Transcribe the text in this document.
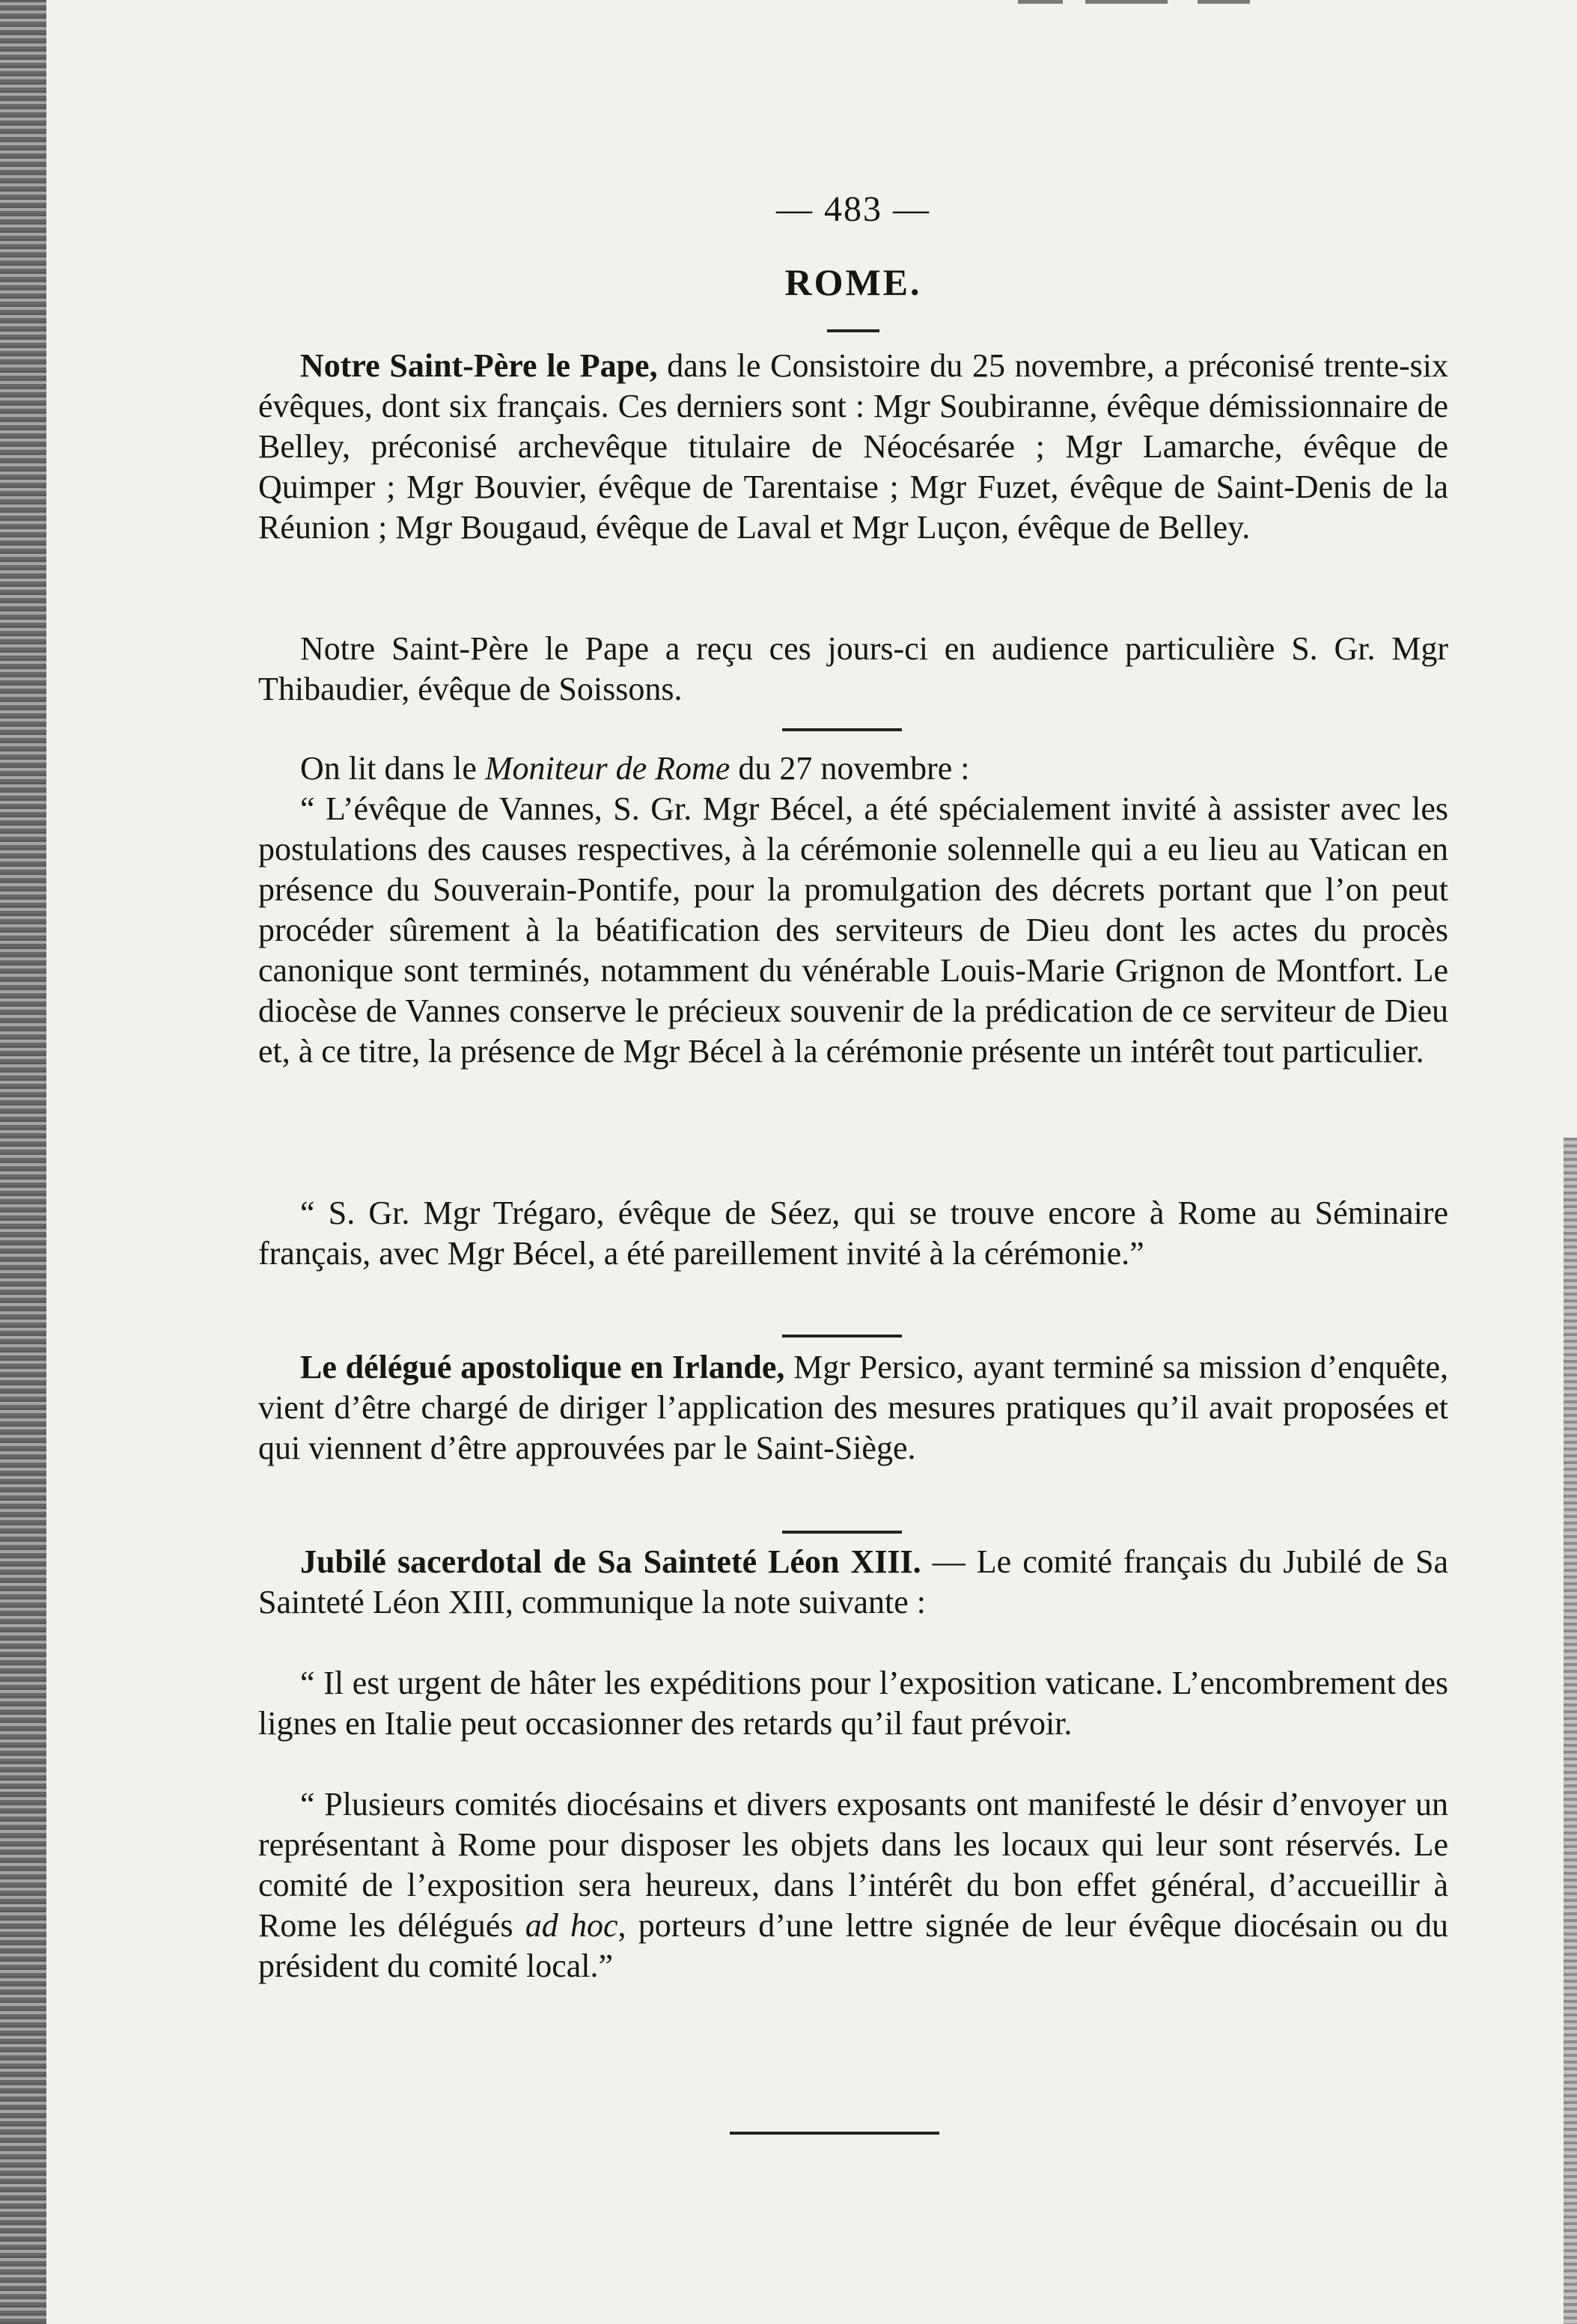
— 483 —
ROME.

Notre Saint-Père le Pape, dans le Consistoire du 25 novembre, a préconisé trente-six évêques, dont six français. Ces derniers sont : Mgr Soubiranne, évêque démissionnaire de Belley, préconisé archevêque titulaire de Néocésarée ; Mgr Lamarche, évêque de Quimper ; Mgr Bouvier, évêque de Tarentaise ; Mgr Fuzet, évêque de Saint-Denis de la Réunion ; Mgr Bougaud, évêque de Laval et Mgr Luçon, évêque de Belley.

Notre Saint-Père le Pape a reçu ces jours-ci en audience particulière S. Gr. Mgr Thibaudier, évêque de Soissons.

On lit dans le Moniteur de Rome du 27 novembre :

“ L’évêque de Vannes, S. Gr. Mgr Bécel, a été spécialement invité à assister avec les postulations des causes respectives, à la cérémonie solennelle qui a eu lieu au Vatican en présence du Souverain-Pontife, pour la promulgation des décrets portant que l’on peut procéder sûrement à la béatification des serviteurs de Dieu dont les actes du procès canonique sont terminés, notamment du vénérable Louis-Marie Grignon de Montfort. Le diocèse de Vannes conserve le précieux souvenir de la prédication de ce serviteur de Dieu et, à ce titre, la présence de Mgr Bécel à la cérémonie présente un intérêt tout particulier.

“ S. Gr. Mgr Trégaro, évêque de Séez, qui se trouve encore à Rome au Séminaire français, avec Mgr Bécel, a été pareillement invité à la cérémonie.”

Le délégué apostolique en Irlande, Mgr Persico, ayant terminé sa mission d’enquête, vient d’être chargé de diriger l’application des mesures pratiques qu’il avait proposées et qui viennent d’être approuvées par le Saint-Siège.

Jubilé sacerdotal de Sa Sainteté Léon XIII. — Le comité français du Jubilé de Sa Sainteté Léon XIII, communique la note suivante :

“ Il est urgent de hâter les expéditions pour l’exposition vaticane. L’encombrement des lignes en Italie peut occasionner des retards qu’il faut prévoir.

“ Plusieurs comités diocésains et divers exposants ont manifesté le désir d’envoyer un représentant à Rome pour disposer les objets dans les locaux qui leur sont réservés. Le comité de l’exposition sera heureux, dans l’intérêt du bon effet général, d’accueillir à Rome les délégués ad hoc, porteurs d’une lettre signée de leur évêque diocésain ou du président du comité local.”
